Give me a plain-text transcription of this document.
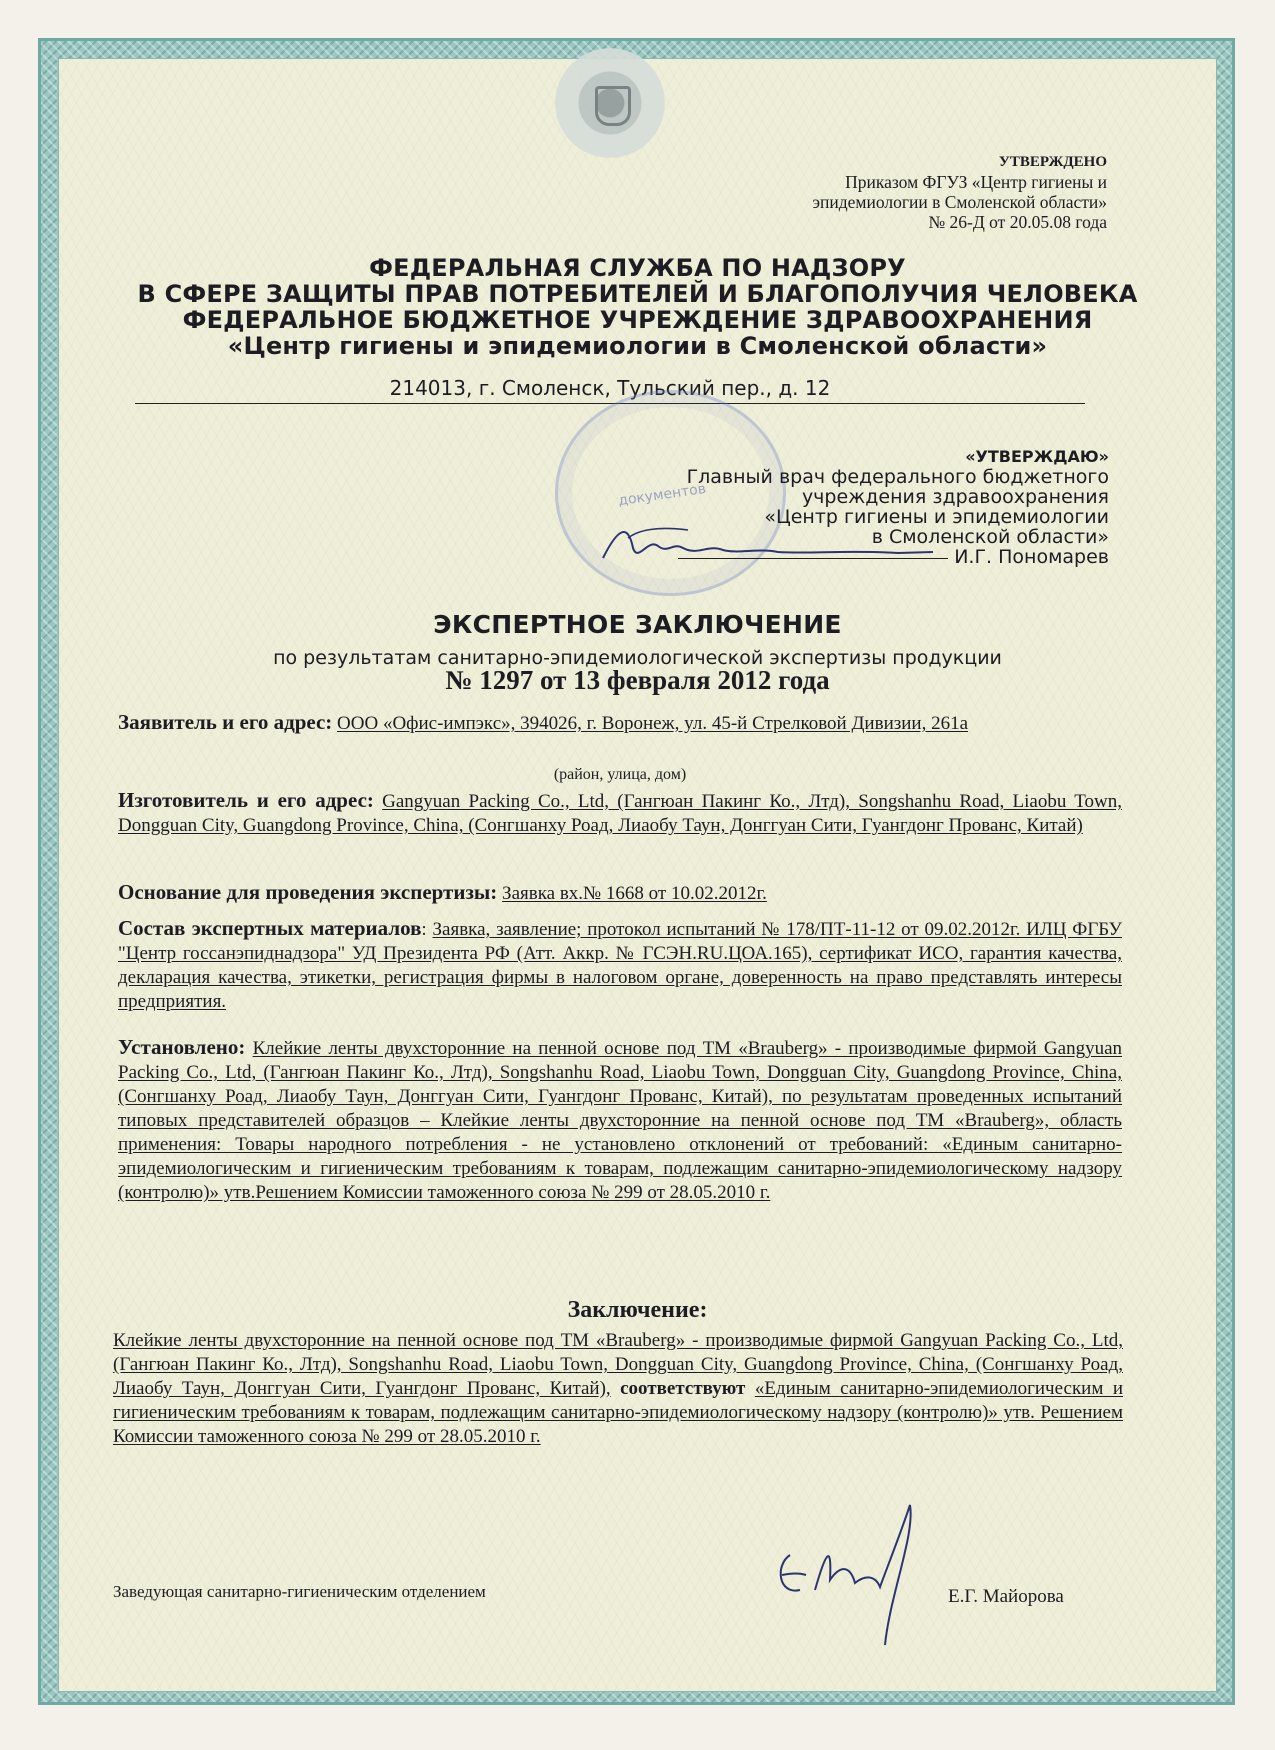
УТВЕРЖДЕНО
Приказом ФГУЗ «Центр гигиены и
эпидемиологии в Смоленской области»
№ 26-Д от 20.05.08 года
ФЕДЕРАЛЬНАЯ СЛУЖБА ПО НАДЗОРУ
В СФЕРЕ ЗАЩИТЫ ПРАВ ПОТРЕБИТЕЛЕЙ И БЛАГОПОЛУЧИЯ ЧЕЛОВЕКА
ФЕДЕРАЛЬНОЕ БЮДЖЕТНОЕ УЧРЕЖДЕНИЕ ЗДРАВООХРАНЕНИЯ
«Центр гигиены и эпидемиологии в Смоленской области»
214013, г. Смоленск, Тульский пер., д. 12
документов
«УТВЕРЖДАЮ»
Главный врач федерального бюджетного
учреждения здравоохранения
«Центр гигиены и эпидемиологии
в Смоленской области»
И.Г. Пономарев
ЭКСПЕРТНОЕ ЗАКЛЮЧЕНИЕ
по результатам санитарно-эпидемиологической экспертизы продукции
№ 1297 от 13 февраля 2012 года
Заявитель и его адрес: ООО «Офис-импэкс», 394026, г. Воронеж, ул. 45-й Стрелковой Дивизии, 261а
(район, улица, дом)
Изготовитель и его адрес: Gangyuan Packing Co., Ltd, (Гангюан Пакинг Ко., Лтд), Songshanhu Road, Liaobu Town, Dongguan City, Guangdong Province, China, (Сонгшанху Роад, Лиаобу Таун, Донггуан Сити, Гуангдонг Прованс, Китай)
Основание для проведения экспертизы: Заявка вх.№ 1668 от 10.02.2012г.
Состав экспертных материалов: Заявка, заявление; протокол испытаний № 178/ПТ-11-12 от 09.02.2012г. ИЛЦ ФГБУ "Центр госсанэпиднадзора" УД Президента РФ (Атт. Аккр. № ГСЭН.RU.ЦОА.165), сертификат ИСО, гарантия качества, декларация качества, этикетки, регистрация фирмы в налоговом органе, доверенность на право представлять интересы предприятия.
Установлено: Клейкие ленты двухсторонние на пенной основе под ТМ «Brauberg» - производимые фирмой Gangyuan Packing Co., Ltd, (Гангюан Пакинг Ко., Лтд), Songshanhu Road, Liaobu Town, Dongguan City, Guangdong Province, China, (Сонгшанху Роад, Лиаобу Таун, Донггуан Сити, Гуангдонг Прованс, Китай), по результатам проведенных испытаний типовых представителей образцов – Клейкие ленты двухсторонние на пенной основе под ТМ «Brauberg», область применения: Товары народного потребления - не установлено отклонений от требований: «Единым санитарно-эпидемиологическим и гигиеническим требованиям к товарам, подлежащим санитарно-эпидемиологическому надзору (контролю)» утв.Решением Комиссии таможенного союза № 299 от 28.05.2010 г.
Заключение:
Клейкие ленты двухсторонние на пенной основе под ТМ «Brauberg» - производимые фирмой Gangyuan Packing Co., Ltd, (Гангюан Пакинг Ко., Лтд), Songshanhu Road, Liaobu Town, Dongguan City, Guangdong Province, China, (Сонгшанху Роад, Лиаобу Таун, Донггуан Сити, Гуангдонг Прованс, Китай), соответствуют «Единым санитарно-эпидемиологическим и гигиеническим требованиям к товарам, подлежащим санитарно-эпидемиологическому надзору (контролю)» утв. Решением Комиссии таможенного союза № 299 от 28.05.2010 г.
Заведующая санитарно-гигиеническим отделением	Е.Г. Майорова
